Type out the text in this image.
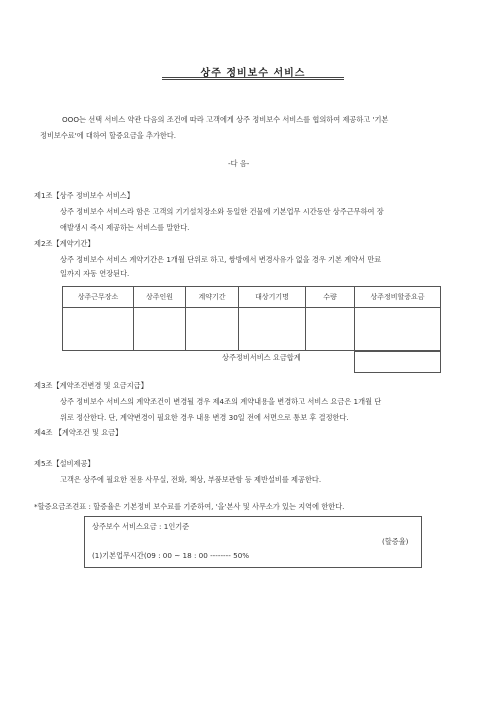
상주 정비보수 서비스
OOO는 선택 서비스 약관 다음의 조건에 따라 고객에게 상주 정비보수 서비스를 협의하여 제공하고 '기본
정비보수료'에 대하여 할증요금을 추가한다.
-다 음-
제1조【상주 정비보수 서비스】
상주 정비보수 서비스라 함은 고객의 기기설치장소와 동일한 건물에 기본업무 시간동안 상주근무하여 장
애발생시 즉시 제공하는 서비스를 말한다.
제2조【계약기간】
상주 정비보수 서비스 계약기간은 1개월 단위로 하고, 쌍방에서 변경사유가 없을 경우 기본 계약서 만료
일까지 자동 연장된다.
상주근무장소	상주인원	계약기간	대상기기명	수량	상주정비할증요금

상주정비서비스 요금합계
제3조【계약조건변경 및 요금지급】
상주 정비보수 서비스의 계약조건이 변경될 경우 제4조의 계약내용을 변경하고 서비스 요금은 1개월 단
위로 정산한다. 단, 계약변경이 필요한 경우 내용 변경 30일 전에 서면으로 통보 후 결정한다.
제4조 【계약조건 및 요금】
제5조【설비제공】
고객은 상주에 필요한 전용 사무실, 전화, 책상, 부품보관함 등 제반설비를 제공한다.
*할증요금조견표 : 할증율은 기본정비 보수료를 기준하여, '을'본사 및 사무소가 있는 지역에 한한다.
상주보수 서비스요금 : 1인기준
(할증율)
(1)기본업무시간(09 : 00 ~ 18 : 00 -------- 50%
